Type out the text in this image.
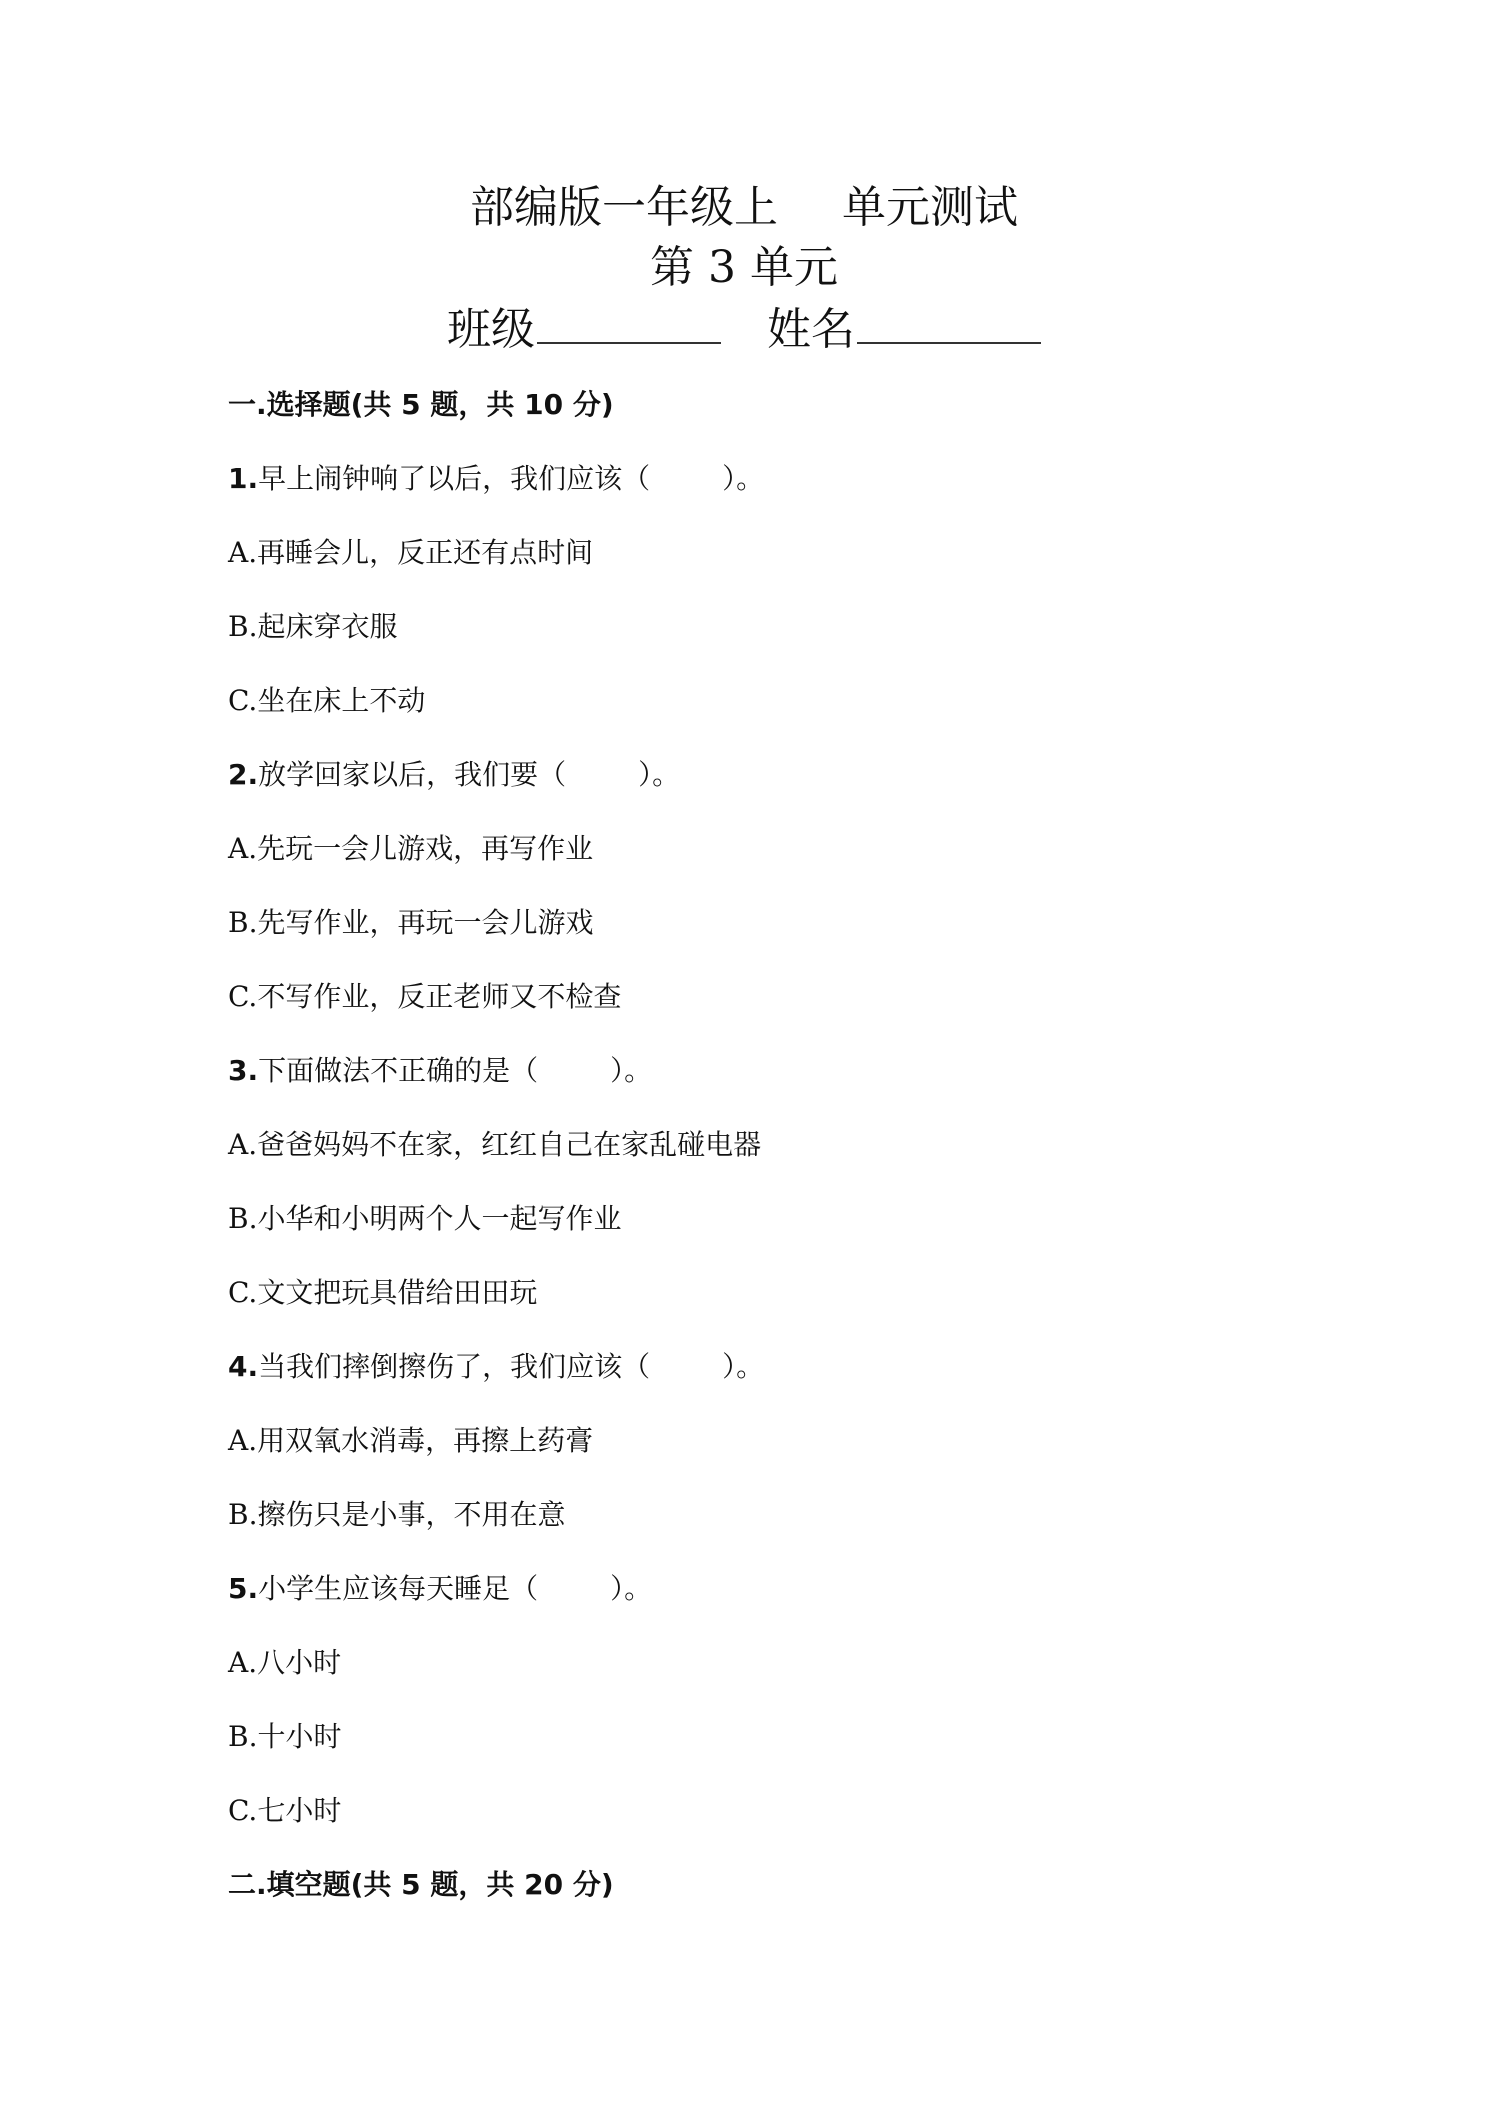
部编版一年级上 单元测试
第 3 单元
班级	姓名
一.选择题(共 5 题，共 10 分)
1.早上闹钟响了以后，我们应该（	）。
A.再睡会儿，反正还有点时间
B.起床穿衣服
C.坐在床上不动
2.放学回家以后，我们要（	）。
A.先玩一会儿游戏，再写作业
B.先写作业，再玩一会儿游戏
C.不写作业，反正老师又不检查
3.下面做法不正确的是（	）。
A.爸爸妈妈不在家，红红自己在家乱碰电器
B.小华和小明两个人一起写作业
C.文文把玩具借给田田玩
4.当我们摔倒擦伤了，我们应该（	）。
A.用双氧水消毒，再擦上药膏
B.擦伤只是小事，不用在意
5.小学生应该每天睡足（	）。
A.八小时
B.十小时
C.七小时
二.填空题(共 5 题，共 20 分)
